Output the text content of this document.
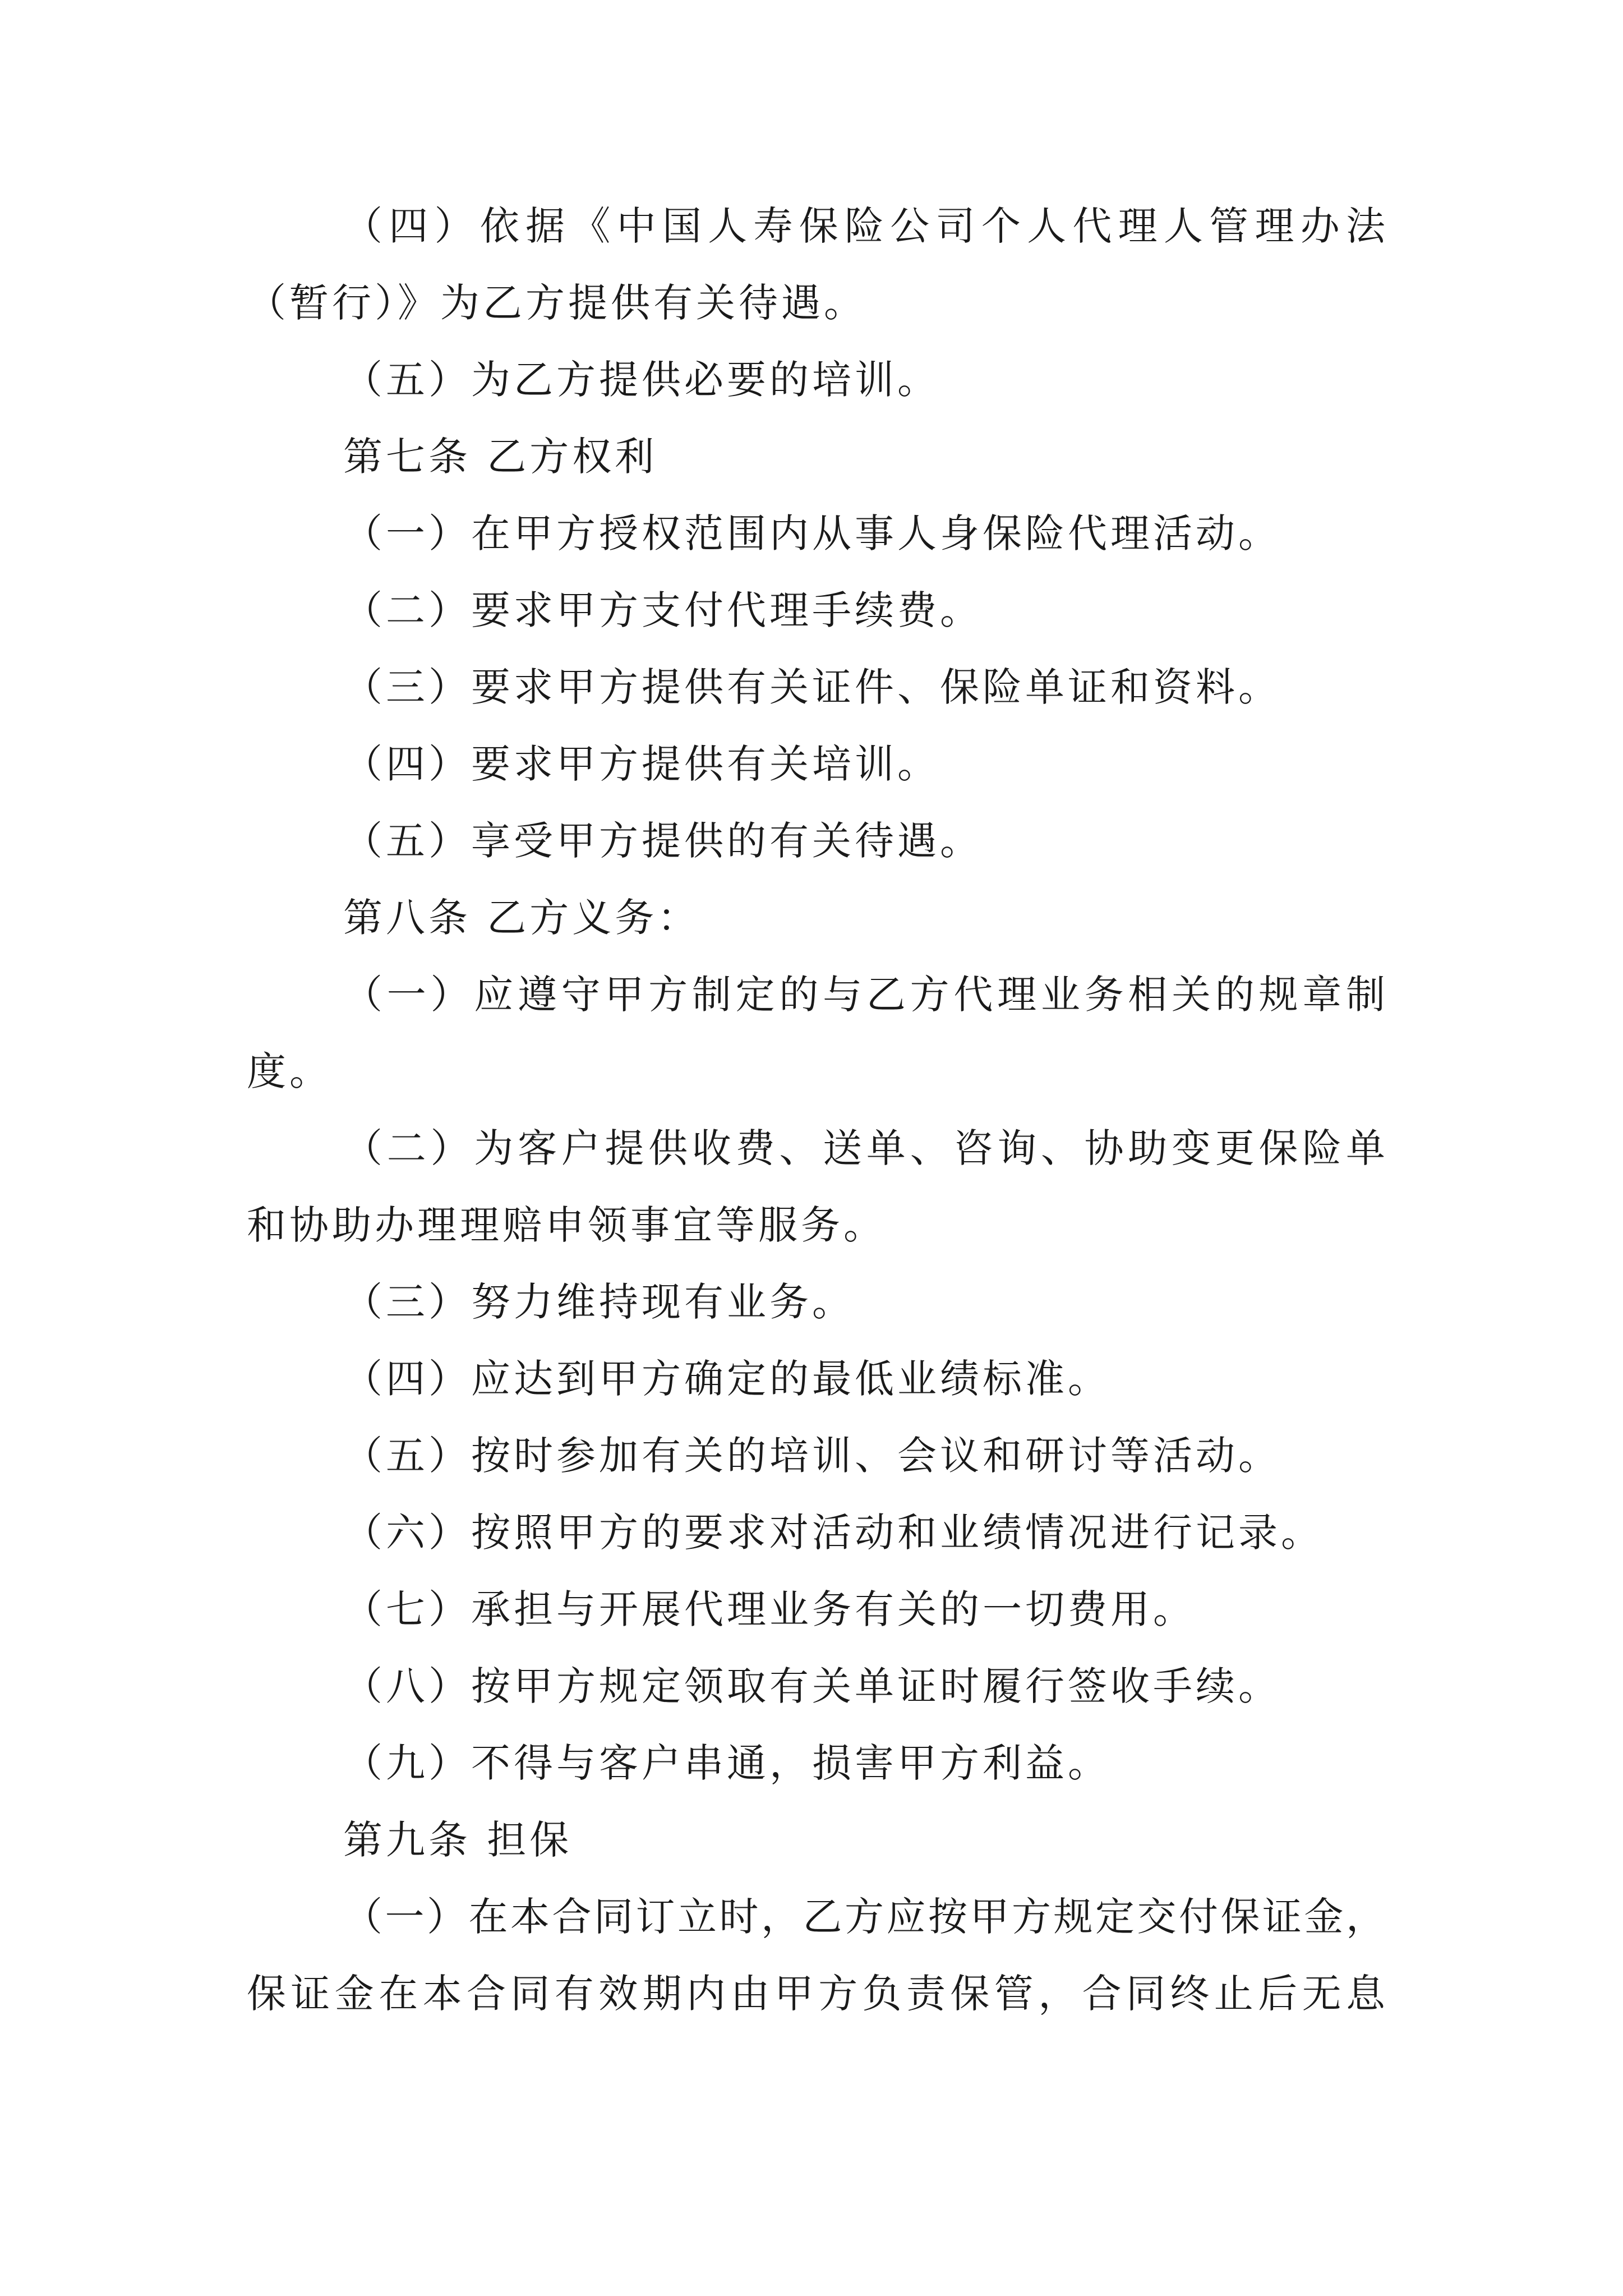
（四）依据《中国人寿保险公司个人代理人管理办法
（暂行）》为乙方提供有关待遇。
（五）为乙方提供必要的培训。
第七条 乙方权利
（一）在甲方授权范围内从事人身保险代理活动。
（二）要求甲方支付代理手续费。
（三）要求甲方提供有关证件、保险单证和资料。
（四）要求甲方提供有关培训。
（五）享受甲方提供的有关待遇。
第八条 乙方义务：
（一）应遵守甲方制定的与乙方代理业务相关的规章制
度。
（二）为客户提供收费、送单、咨询、协助变更保险单
和协助办理理赔申领事宜等服务。
（三）努力维持现有业务。
（四）应达到甲方确定的最低业绩标准。
（五）按时参加有关的培训、会议和研讨等活动。
（六）按照甲方的要求对活动和业绩情况进行记录。
（七）承担与开展代理业务有关的一切费用。
（八）按甲方规定领取有关单证时履行签收手续。
（九）不得与客户串通，损害甲方利益。
第九条 担保
（一）在本合同订立时，乙方应按甲方规定交付保证金，
保证金在本合同有效期内由甲方负责保管，合同终止后无息
